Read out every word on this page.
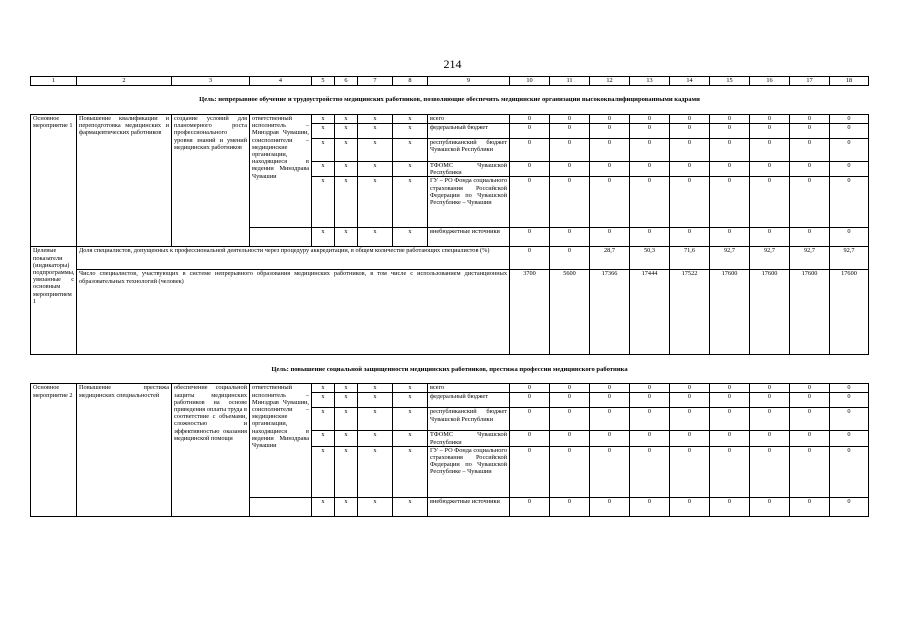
214
1	2	3	4	5	6	7	8	9	10	11	12	13	14	15	16	17	18
Цель: непрерывное обучение и трудоустройство медицинских работников, позволяющие обеспечить медицинские организации высококвалифицированными кадрами																	
Основное мероприятие 1	Повышение квалификации и переподготовка медицинских и фармацевтических работников	создание условий для планомерного роста профессионального уровня знаний и умений медицинских работников	ответственный исполнитель – Минздрав Чувашии, соисполнители – медицинские организации, находящиеся в ведении Минздрава Чувашии	х	х	х	х	всего	0	0	0	0	0	0	0	0	0
				х	х	х	х	федеральный бюджет	0	0	0	0	0	0	0	0	0
				х	х	х	х	республиканский бюджет Чувашской Республики	0	0	0	0	0	0	0	0	0
				х	х	х	х	ТФОМС Чувашской Республики	0	0	0	0	0	0	0	0	0
				х	х	х	х	ГУ – РО Фонда социального страхования Российской Федерации по Чувашской Республике – Чувашии	0	0	0	0	0	0	0	0	0
				х	х	х	х	внебюджетные источники	0	0	0	0	0	0	0	0	0
Целевые показатели (индикаторы) подпрограммы, увязанные с основным мероприятием 1	Доля специалистов, допущенных к профессиональной деятельности через процедуру аккредитации, в общем количестве работающих специалистов (%)								0	0	28,7	50,3	71,6	92,7	92,7	92,7	92,7
	Число специалистов, участвующих в системе непрерывного образования медицинских работников, в том числе с использованием дистанционных образовательных технологий (человек)								3700	5600	17366	17444	17522	17600	17600	17600	17600
Цель: повышение социальной защищенности медицинских работников, престижа профессии медицинского работника																	
Основное мероприятие 2	Повышение престижа медицинских специальностей	обеспечение социальной защиты медицинских работников на основе приведения оплаты труда в соответствие с объемами, сложностью и эффективностью оказания медицинской помощи	ответственный исполнитель – Минздрав Чувашии, соисполнители – медицинские организации, находящиеся в ведении Минздрава Чувашии	х	х	х	х	всего	0	0	0	0	0	0	0	0	0
				х	х	х	х	федеральный бюджет	0	0	0	0	0	0	0	0	0
				х	х	х	х	республиканский бюджет Чувашской Республики	0	0	0	0	0	0	0	0	0
				х	х	х	х	ТФОМС Чувашской Республики	0	0	0	0	0	0	0	0	0
				х	х	х	х	ГУ – РО Фонда социального страхования Российской Федерации по Чувашской Республике – Чувашии	0	0	0	0	0	0	0	0	0
				х	х	х	х	внебюджетные источники	0	0	0	0	0	0	0	0	0
